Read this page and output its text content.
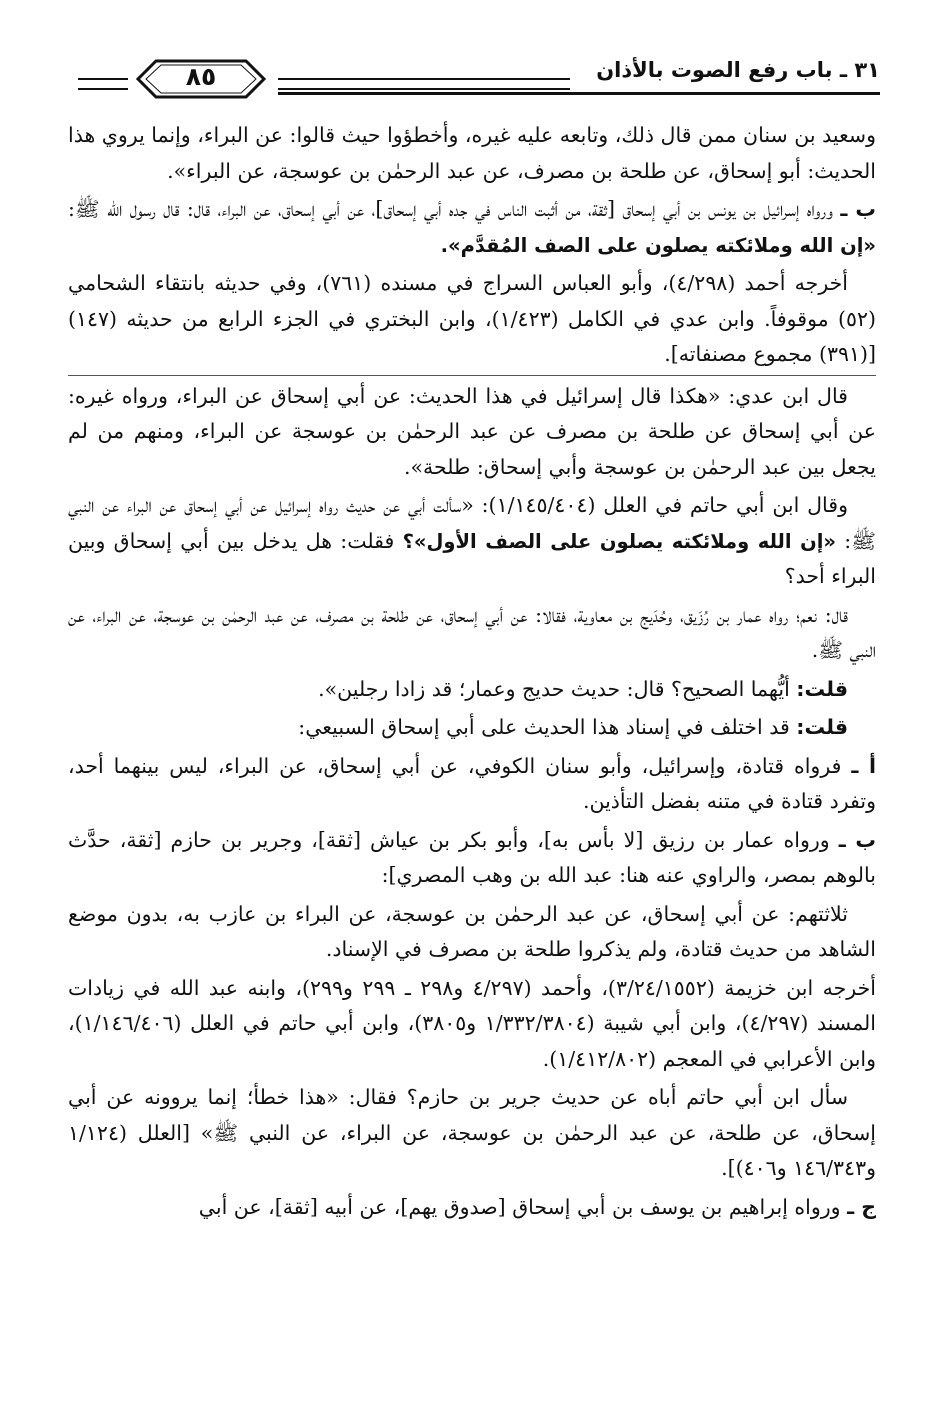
٣١ ـ باب رفع الصوت بالأذان
٨٥

وسعيد بن سنان ممن قال ذلك، وتابعه عليه غيره، وأخطؤوا حيث قالوا: عن البراء، وإنما يروي هذا الحديث: أبو إسحاق، عن طلحة بن مصرف، عن عبد الرحمٰن بن عوسجة، عن البراء».

ب ـ ورواه إسرائيل بن يونس بن أبي إسحاق [ثقة، من أثبت الناس في جده أبي إسحاق]، عن أبي إسحاق، عن البراء، قال: قال رسول الله ﷺ: «إن الله وملائكته يصلون على الصف المُقدَّم».

أخرجه أحمد (٤/٢٩٨)، وأبو العباس السراج في مسنده (٧٦١)، وفي حديثه بانتقاء الشحامي (٥٢) موقوفاً. وابن عدي في الكامل (١/٤٢٣)، وابن البختري في الجزء الرابع من حديثه (١٤٧) [(٣٩١) مجموع مصنفاته].

قال ابن عدي: «هكذا قال إسرائيل في هذا الحديث: عن أبي إسحاق عن البراء، ورواه غيره: عن أبي إسحاق عن طلحة بن مصرف عن عبد الرحمٰن بن عوسجة عن البراء، ومنهم من لم يجعل بين عبد الرحمٰن بن عوسجة وأبي إسحاق: طلحة».

وقال ابن أبي حاتم في العلل (١/١٤٥/٤٠٤): «سألت أبي عن حديث رواه إسرائيل عن أبي إسحاق عن البراء عن النبي ﷺ: «إن الله وملائكته يصلون على الصف الأول»؟ فقلت: هل يدخل بين أبي إسحاق وبين البراء أحد؟

قال: نعم؛ رواه عمار بن رُزَيق، وحُدَيج بن معاوية، فقالا: عن أبي إسحاق، عن طلحة بن مصرف، عن عبد الرحمٰن بن عوسجة، عن البراء، عن النبي ﷺ.

قلت: أيُّهما الصحيح؟ قال: حديث حديج وعمار؛ قد زادا رجلين».

قلت: قد اختلف في إسناد هذا الحديث على أبي إسحاق السبيعي:

أ ـ فرواه قتادة، وإسرائيل، وأبو سنان الكوفي، عن أبي إسحاق، عن البراء، ليس بينهما أحد، وتفرد قتادة في متنه بفضل التأذين.

ب ـ ورواه عمار بن رزيق [لا بأس به]، وأبو بكر بن عياش [ثقة]، وجرير بن حازم [ثقة، حدَّث بالوهم بمصر، والراوي عنه هنا: عبد الله بن وهب المصري]:

ثلاثتهم: عن أبي إسحاق، عن عبد الرحمٰن بن عوسجة، عن البراء بن عازب به، بدون موضع الشاهد من حديث قتادة، ولم يذكروا طلحة بن مصرف في الإسناد.

أخرجه ابن خزيمة (٣/٢٤/١٥٥٢)، وأحمد (٤/٢٩٧ و٢٩٨ ـ ٢٩٩ و٢٩٩)، وابنه عبد الله في زيادات المسند (٤/٢٩٧)، وابن أبي شيبة (١/٣٣٢/٣٨٠٤ و٣٨٠٥)، وابن أبي حاتم في العلل (١/١٤٦/٤٠٦)، وابن الأعرابي في المعجم (١/٤١٢/٨٠٢).

سأل ابن أبي حاتم أباه عن حديث جرير بن حازم؟ فقال: «هذا خطأ؛ إنما يروونه عن أبي إسحاق، عن طلحة، عن عبد الرحمٰن بن عوسجة، عن البراء، عن النبي ﷺ» [العلل (١/١٢٤ و١٤٦/٣٤٣ و٤٠٦)].

ج ـ ورواه إبراهيم بن يوسف بن أبي إسحاق [صدوق يهم]، عن أبيه [ثقة]، عن أبي
